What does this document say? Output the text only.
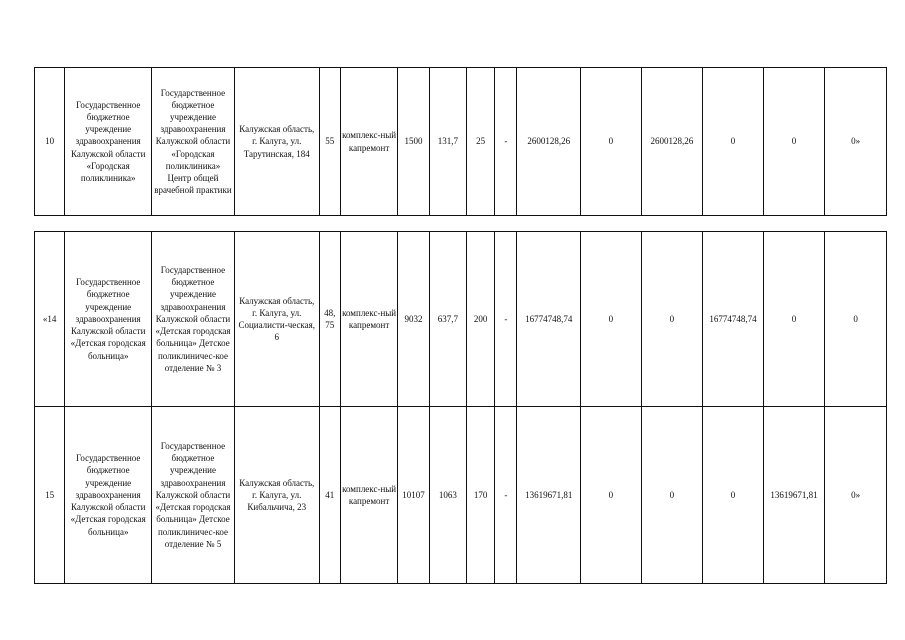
10	Государственное бюджетное учреждение здравоохранения Калужской области «Городская поликлиника»	Государственное бюджетное учреждение здравоохранения Калужской области «Городская поликлиника» Центр общей врачебной практики	Калужская область, г. Калуга, ул. Тарутинская, 184	55	комплекс-ный капремонт	1500	131,7	25	-	2600128,26	0	2600128,26	0	0	0»
«14	Государственное бюджетное учреждение здравоохранения Калужской области «Детская городская больница»	Государственное бюджетное учреждение здравоохранения Калужской области «Детская городская больница» Детское поликлиничес-кое отделение № 3	Калужская область, г. Калуга, ул. Социалисти-ческая, 6	48, 75	комплекс-ный капремонт	9032	637,7	200	-	16774748,74	0	0	16774748,74	0	0
15	Государственное бюджетное учреждение здравоохранения Калужской области «Детская городская больница»	Государственное бюджетное учреждение здравоохранения Калужской области «Детская городская больница» Детское поликлиничес-кое отделение № 5	Калужская область, г. Калуга, ул. Кибальчича, 23	41	комплекс-ный капремонт	10107	1063	170	-	13619671,81	0	0	0	13619671,81	0»
